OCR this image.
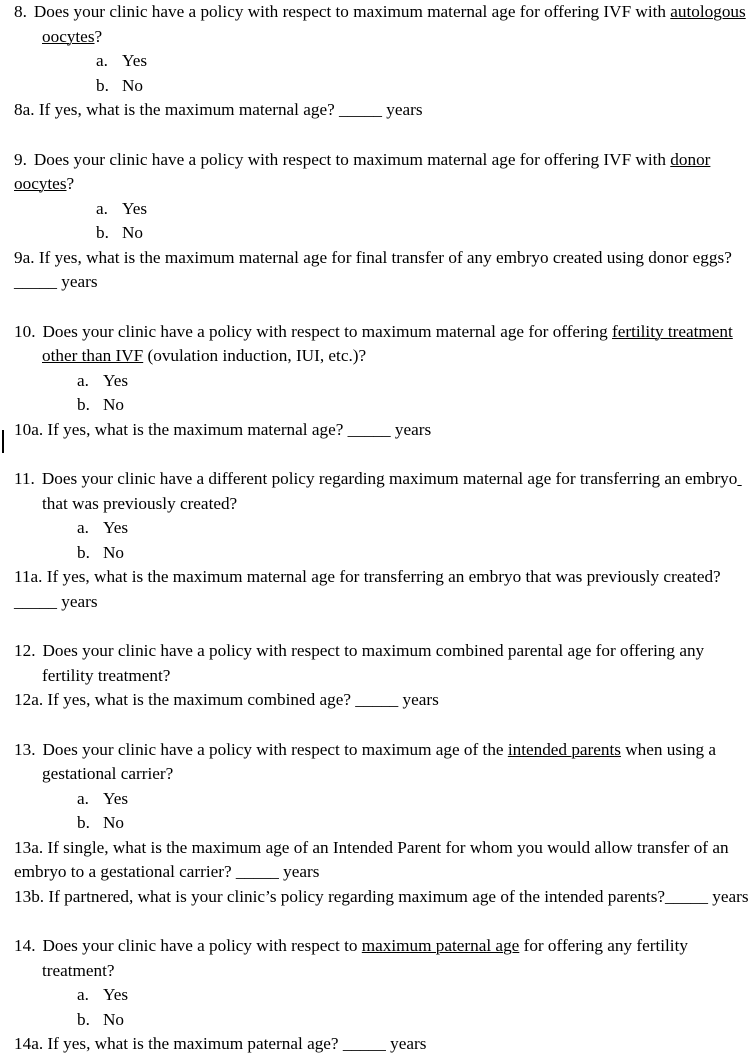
8. Does your clinic have a policy with respect to maximum maternal age for offering IVF with autologous oocytes?

a. Yes
b. No

8a. If yes, what is the maximum maternal age? _____ years

9. Does your clinic have a policy with respect to maximum maternal age for offering IVF with donor oocytes?

a. Yes
b. No

9a. If yes, what is the maximum maternal age for final transfer of any embryo created using donor eggs? _____ years

10. Does your clinic have a policy with respect to maximum maternal age for offering fertility treatment other than IVF (ovulation induction, IUI, etc.)?

a. Yes
b. No

10a. If yes, what is the maximum maternal age? _____ years

11. Does your clinic have a different policy regarding maximum maternal age for transferring an embryo  that was previously created?

a. Yes
b. No

11a. If yes, what is the maximum maternal age for transferring an embryo that was previously created? _____ years

12. Does your clinic have a policy with respect to maximum combined parental age for offering any fertility treatment?

12a. If yes, what is the maximum combined age? _____ years

13. Does your clinic have a policy with respect to maximum age of the intended parents when using a gestational carrier?

a. Yes
b. No

13a. If single, what is the maximum age of an Intended Parent for whom you would allow transfer of an embryo to a gestational carrier? _____ years

13b. If partnered, what is your clinic’s policy regarding maximum age of the intended parents?_____ years

14. Does your clinic have a policy with respect to maximum paternal age for offering any fertility treatment?

a. Yes
b. No

14a. If yes, what is the maximum paternal age? _____ years
